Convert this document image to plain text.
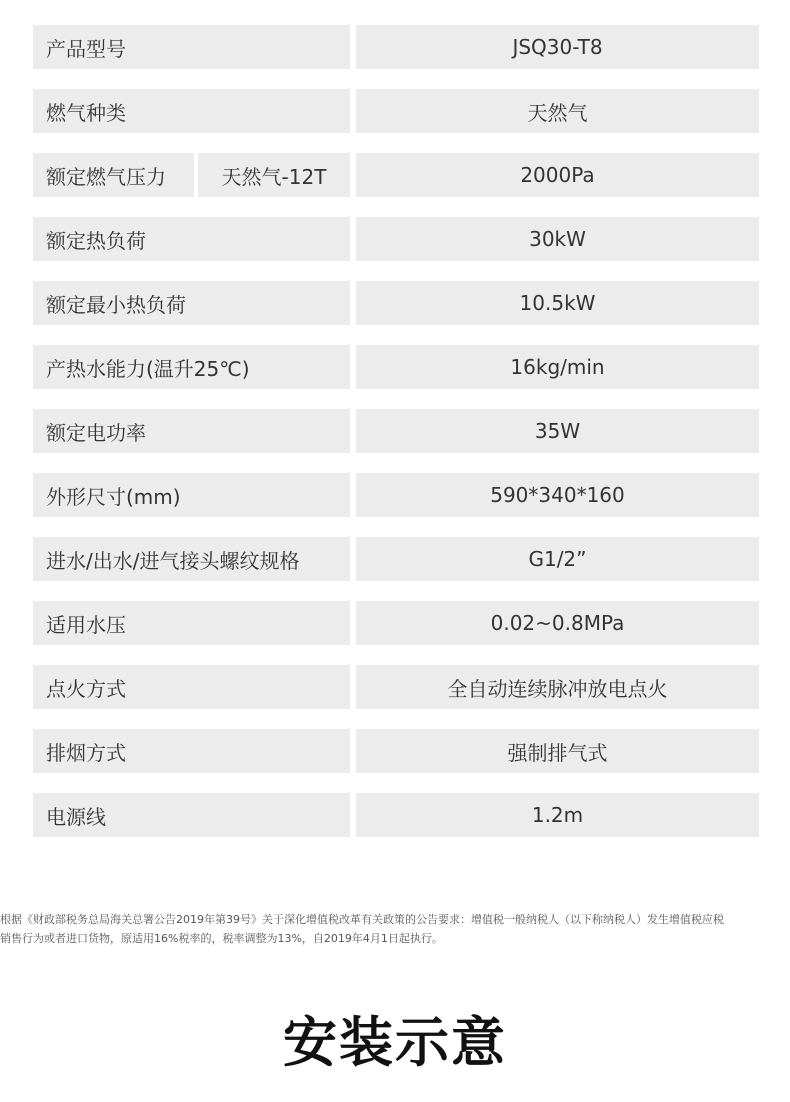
产品型号	JSQ30-T8
燃气种类	天然气
额定燃气压力	天然气-12T	2000Pa
额定热负荷	30kW
额定最小热负荷	10.5kW
产热水能力(温升25℃)	16kg/min
额定电功率	35W
外形尺寸(mm)	590*340*160
进水/出水/进气接头螺纹规格	G1/2”
适用水压	0.02~0.8MPa
点火方式	全自动连续脉冲放电点火
排烟方式	强制排气式
电源线	1.2m
根据《财政部税务总局海关总署公告2019年第39号》关于深化增值税改革有关政策的公告要求：增值税一般纳税人（以下称纳税人）发生增值税应税
销售行为或者进口货物，原适用16%税率的，税率调整为13%，自2019年4月1日起执行。
安装示意
